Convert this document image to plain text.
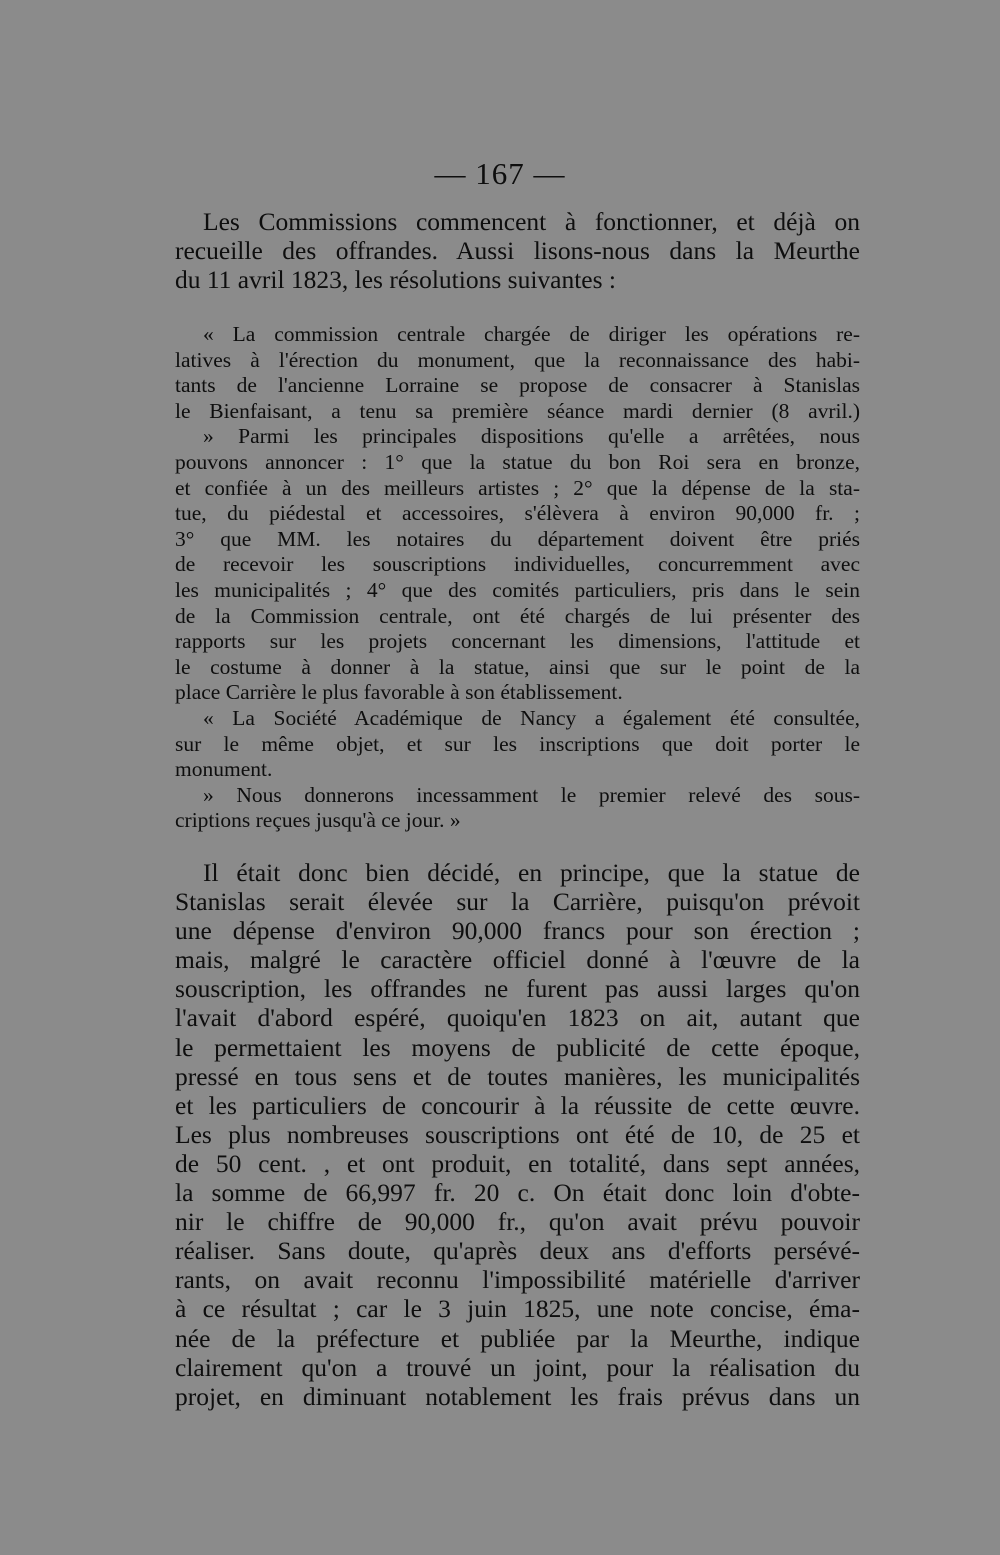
— 167 —
Les Commissions commencent à fonctionner, et déjà on
recueille des offrandes. Aussi lisons-nous dans la Meurthe
du 11 avril 1823, les résolutions suivantes :
« La commission centrale chargée de diriger les opérations re-
latives à l'érection du monument, que la reconnaissance des habi-
tants de l'ancienne Lorraine se propose de consacrer à Stanislas
le Bienfaisant, a tenu sa première séance mardi dernier (8 avril.)
» Parmi les principales dispositions qu'elle a arrêtées, nous
pouvons annoncer : 1° que la statue du bon Roi sera en bronze,
et confiée à un des meilleurs artistes ; 2° que la dépense de la sta-
tue, du piédestal et accessoires, s'élèvera à environ 90,000 fr. ;
3° que MM. les notaires du département doivent être priés
de recevoir les souscriptions individuelles, concurremment avec
les municipalités ; 4° que des comités particuliers, pris dans le sein
de la Commission centrale, ont été chargés de lui présenter des
rapports sur les projets concernant les dimensions, l'attitude et
le costume à donner à la statue, ainsi que sur le point de la
place Carrière le plus favorable à son établissement.
« La Société Académique de Nancy a également été consultée,
sur le même objet, et sur les inscriptions que doit porter le
monument.
» Nous donnerons incessamment le premier relevé des sous-
criptions reçues jusqu'à ce jour. »
Il était donc bien décidé, en principe, que la statue de
Stanislas serait élevée sur la Carrière, puisqu'on prévoit
une dépense d'environ 90,000 francs pour son érection ;
mais, malgré le caractère officiel donné à l'œuvre de la
souscription, les offrandes ne furent pas aussi larges qu'on
l'avait d'abord espéré, quoiqu'en 1823 on ait, autant que
le permettaient les moyens de publicité de cette époque,
pressé en tous sens et de toutes manières, les municipalités
et les particuliers de concourir à la réussite de cette œuvre.
Les plus nombreuses souscriptions ont été de 10, de 25 et
de 50 cent. , et ont produit, en totalité, dans sept années,
la somme de 66,997 fr. 20 c. On était donc loin d'obte-
nir le chiffre de 90,000 fr., qu'on avait prévu pouvoir
réaliser. Sans doute, qu'après deux ans d'efforts persévé-
rants, on avait reconnu l'impossibilité matérielle d'arriver
à ce résultat ; car le 3 juin 1825, une note concise, éma-
née de la préfecture et publiée par la Meurthe, indique
clairement qu'on a trouvé un joint, pour la réalisation du
projet, en diminuant notablement les frais prévus dans un
